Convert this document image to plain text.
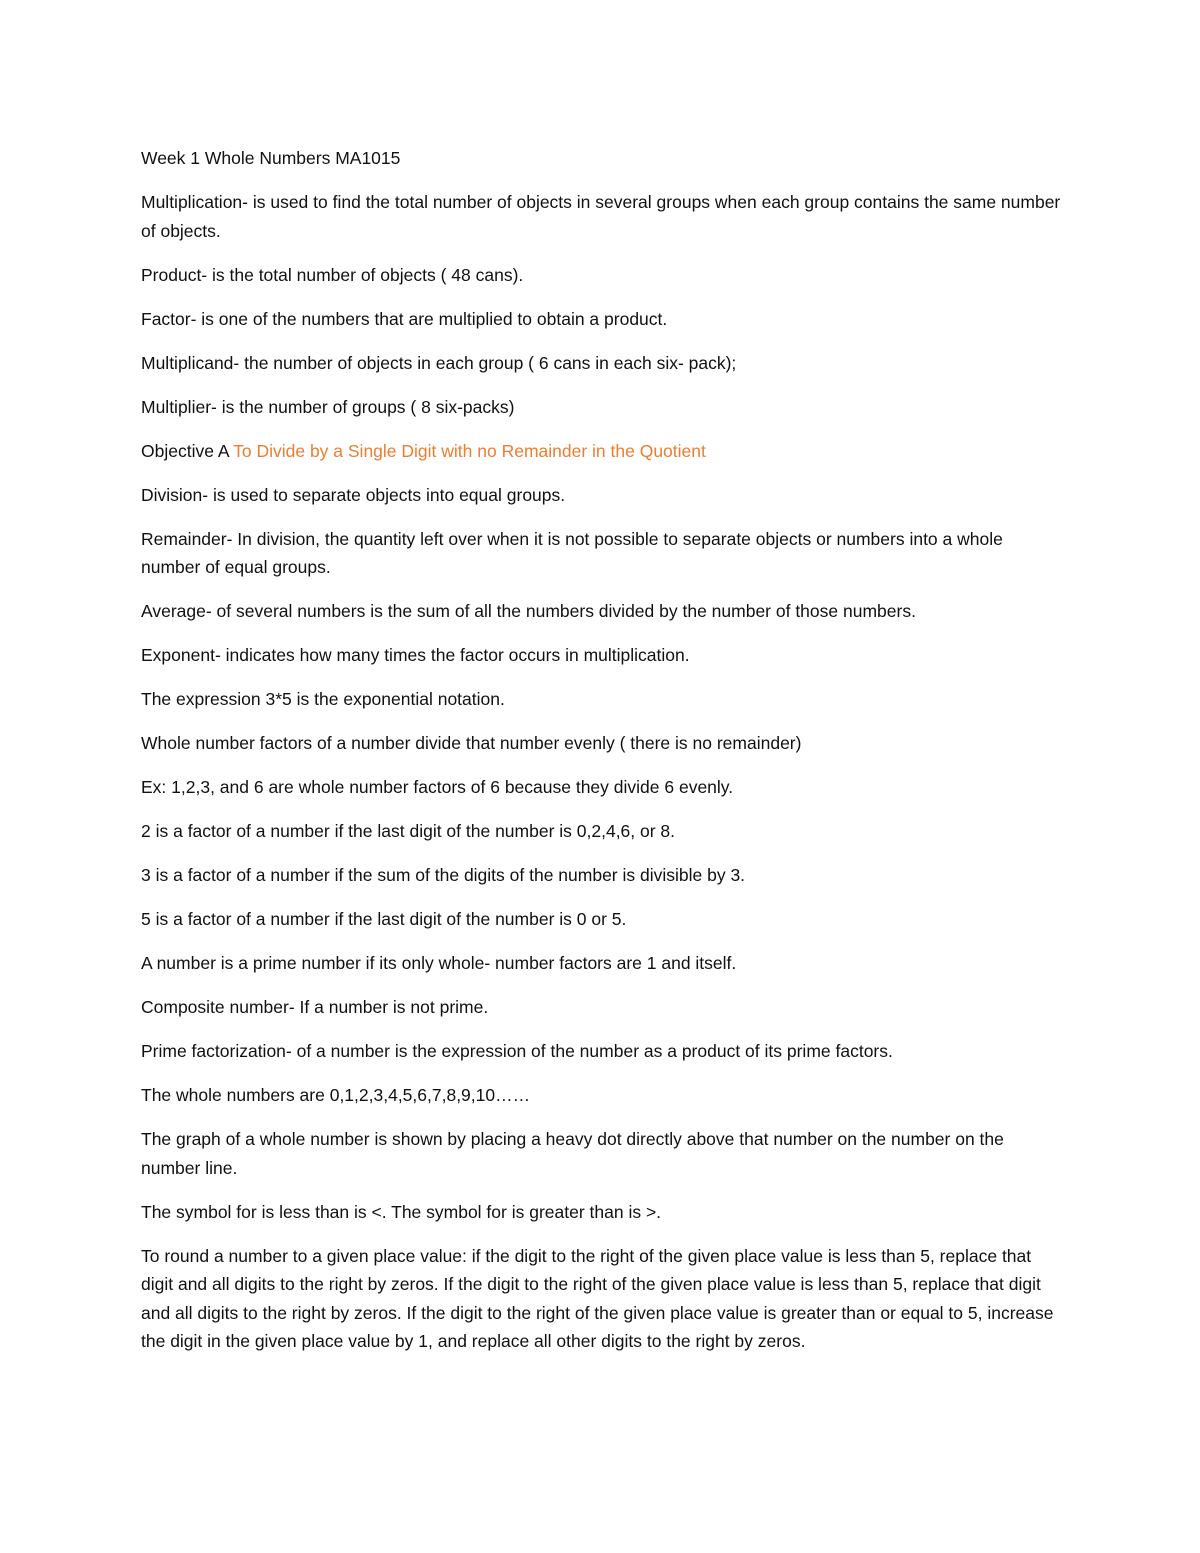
Week 1 Whole Numbers MA1015

Multiplication- is used to find the total number of objects in several groups when each group contains the same number of objects.

Product- is the total number of objects ( 48 cans).

Factor- is one of the numbers that are multiplied to obtain a product.

Multiplicand- the number of objects in each group ( 6 cans in each six- pack);

Multiplier- is the number of groups ( 8 six-packs)

Objective A To Divide by a Single Digit with no Remainder in the Quotient

Division- is used to separate objects into equal groups.

Remainder- In division, the quantity left over when it is not possible to separate objects or numbers into a whole number of equal groups.

Average- of several numbers is the sum of all the numbers divided by the number of those numbers.

Exponent- indicates how many times the factor occurs in multiplication.

The expression 3*5 is the exponential notation.

Whole number factors of a number divide that number evenly ( there is no remainder)

Ex: 1,2,3, and 6 are whole number factors of 6 because they divide 6 evenly.

2 is a factor of a number if the last digit of the number is 0,2,4,6, or 8.

3 is a factor of a number if the sum of the digits of the number is divisible by 3.

5 is a factor of a number if the last digit of the number is 0 or 5.

A number is a prime number if its only whole- number factors are 1 and itself.

Composite number- If a number is not prime.

Prime factorization- of a number is the expression of the number as a product of its prime factors.

The whole numbers are 0,1,2,3,4,5,6,7,8,9,10……

The graph of a whole number is shown by placing a heavy dot directly above that number on the number on the number line.

The symbol for is less than is <. The symbol for is greater than is >.

To round a number to a given place value: if the digit to the right of the given place value is less than 5, replace that digit and all digits to the right by zeros. If the digit to the right of the given place value is less than 5, replace that digit and all digits to the right by zeros. If the digit to the right of the given place value is greater than or equal to 5, increase the digit in the given place value by 1, and replace all other digits to the right by zeros.
